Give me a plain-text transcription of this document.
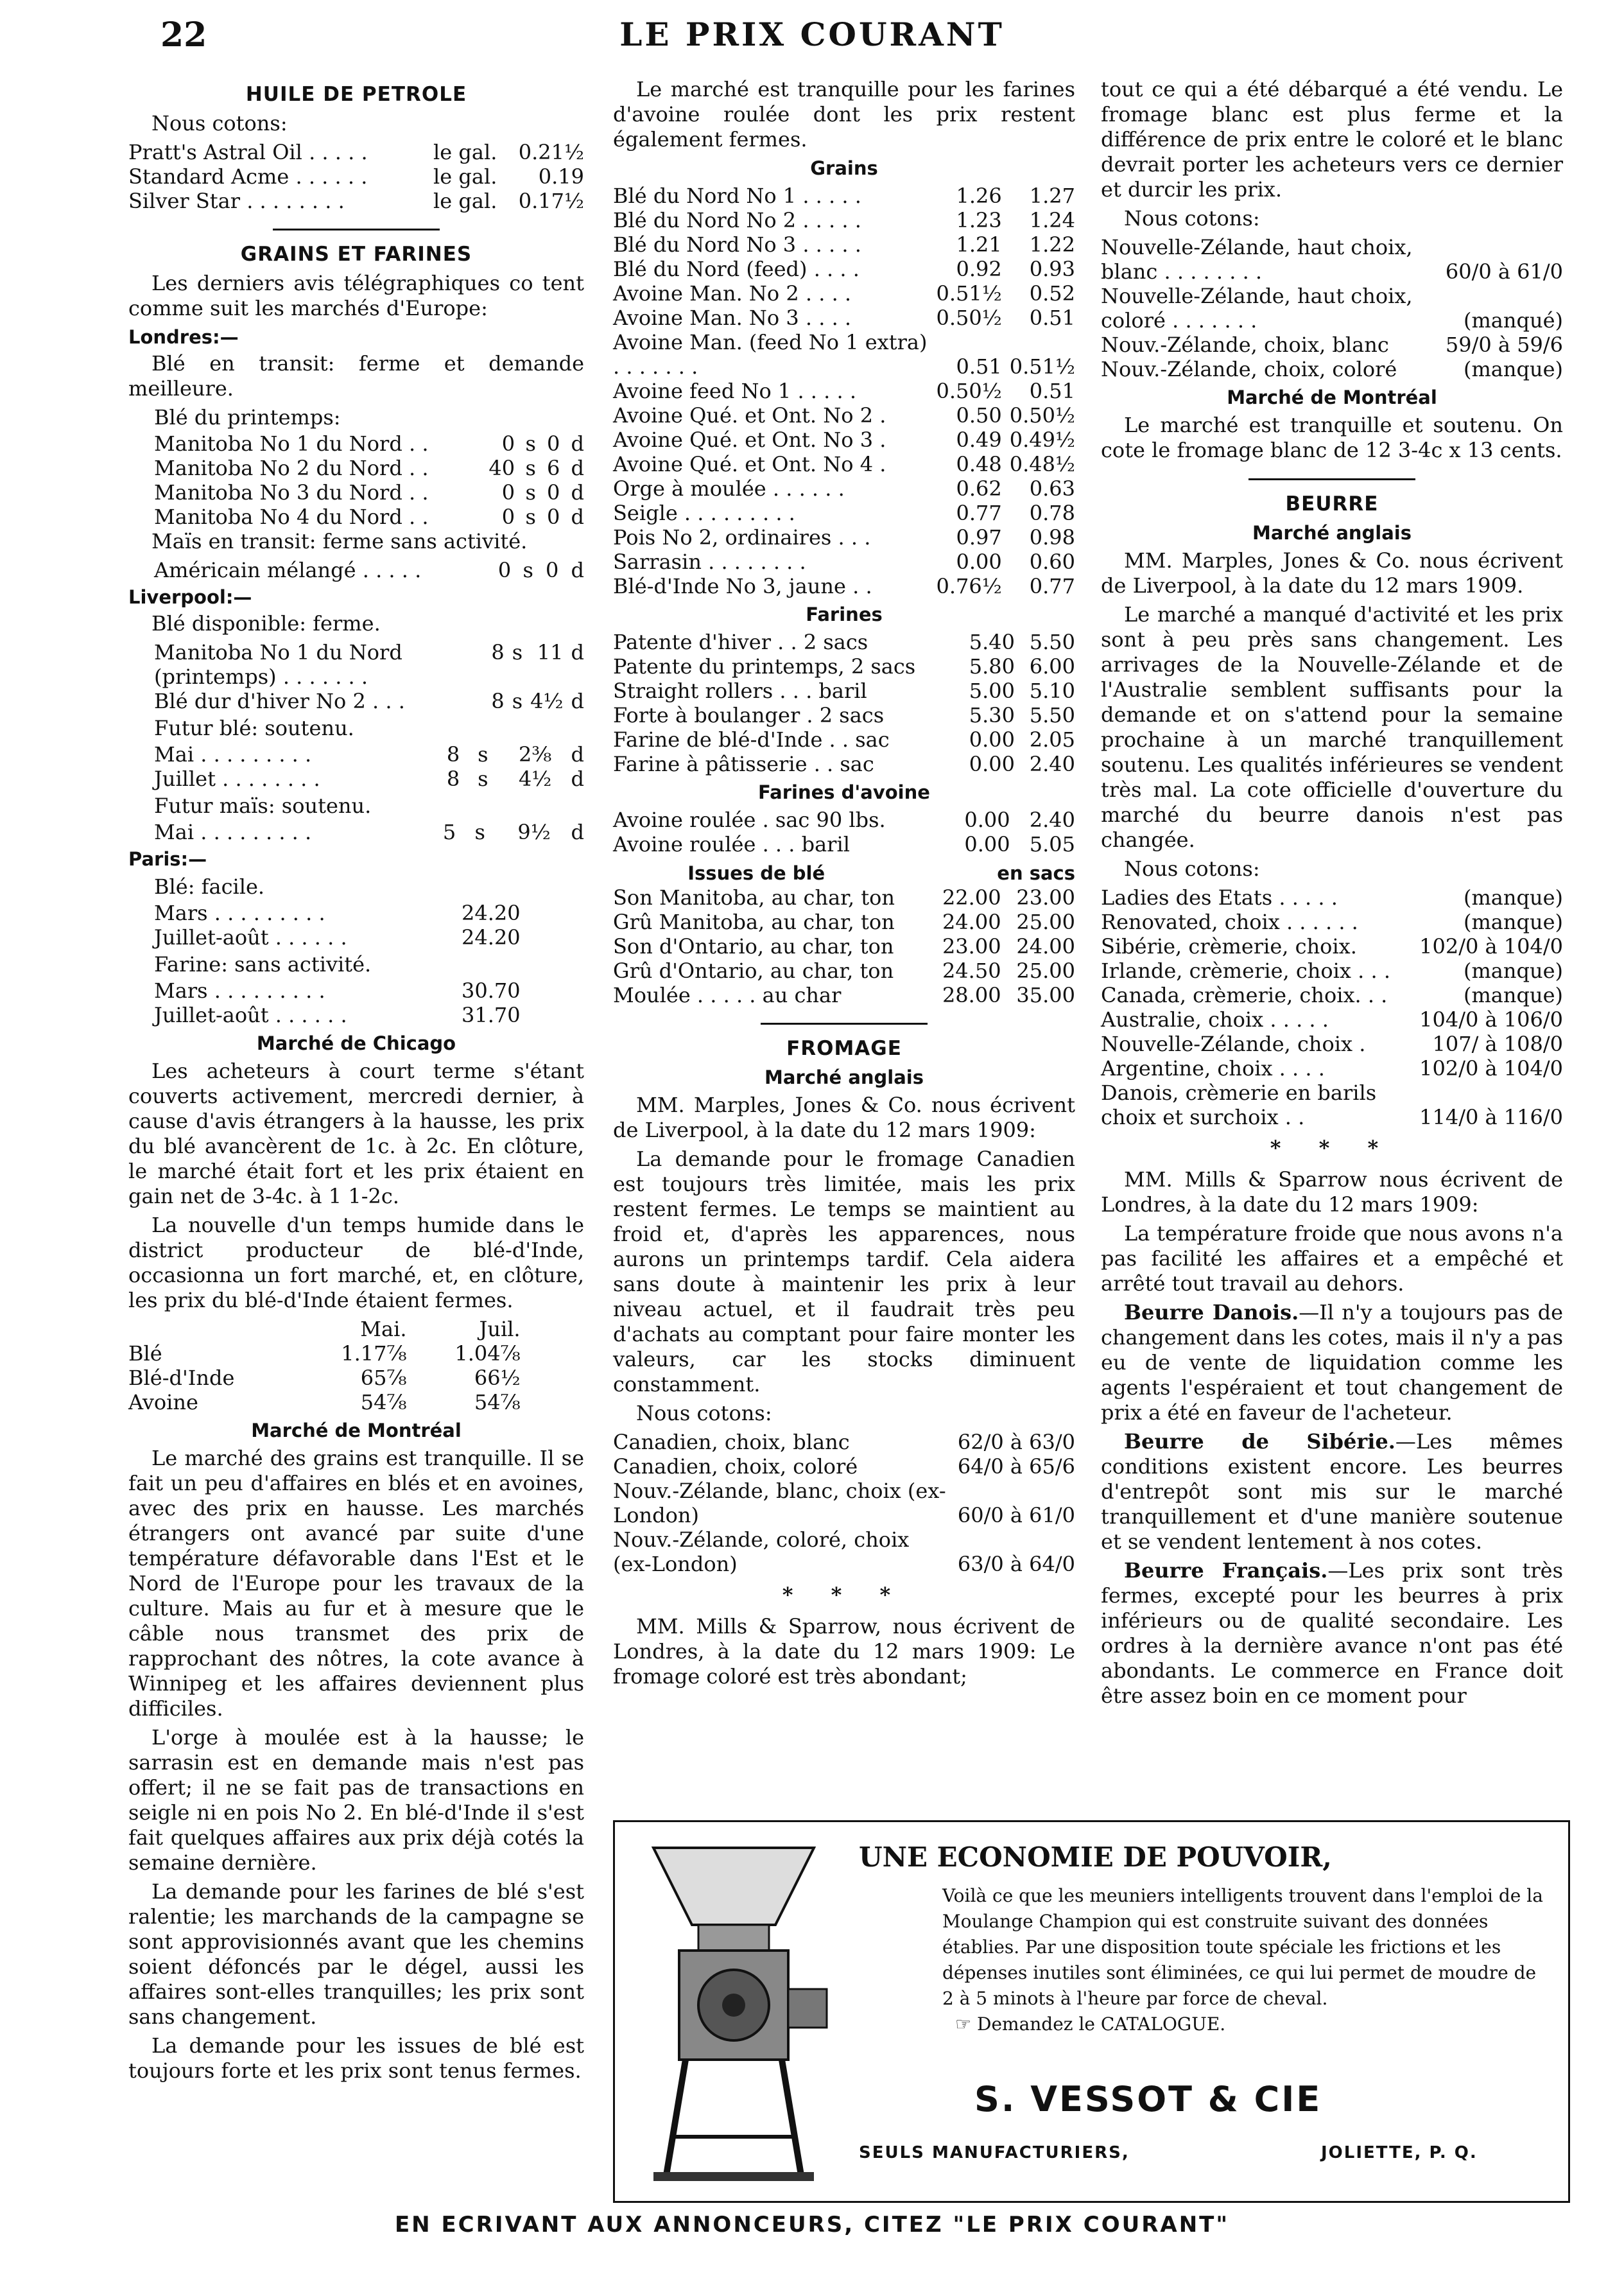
22	LE PRIX COURANT
HUILE DE PETROLE

Nous cotons:

Pratt's Astral Oil . . . . .	le gal.	0.21½
Standard Acme . . . . . .	le gal.	0.19
Silver Star . . . . . . . .	le gal.	0.17½
GRAINS ET FARINES

Les derniers avis télégraphiques co tent comme suit les marchés d'Europe:

Londres:—

Blé en transit: ferme et demande meilleure.

Blé du printemps:
Manitoba No 1 du Nord . .	0	s	0	d
Manitoba No 2 du Nord . .	40	s	6	d
Manitoba No 3 du Nord . .	0	s	0	d
Manitoba No 4 du Nord . .	0	s	0	d

Maïs en transit: ferme sans activité.

Américain mélangé . . . . .	0	s	0	d
Liverpool:—

Blé disponible: ferme.

Manitoba No 1 du Nord (printemps) . . . . . . .	8	s	11	d
Blé dur d'hiver No 2 . . .	8	s	4½	d
Futur blé: soutenu.
Mai . . . . . . . . .	8	s	2⅜	d
Juillet . . . . . . . .	8	s	4½	d
Futur maïs: soutenu.
Mai . . . . . . . . .	5	s	9½	d
Paris:—
Blé: facile.
Mars . . . . . . . . .	24.20
Juillet-août . . . . . .	24.20
Farine: sans activité.
Mars . . . . . . . . .	30.70
Juillet-août . . . . . .	31.70
Marché de Chicago

Les acheteurs à court terme s'étant couverts activement, mercredi dernier, à cause d'avis étrangers à la hausse, les prix du blé avancèrent de 1c. à 2c. En clôture, le marché était fort et les prix étaient en gain net de 3-4c. à 1 1-2c.

La nouvelle d'un temps humide dans le district producteur de blé-d'Inde, occasionna un fort marché, et, en clôture, les prix du blé-d'Inde étaient fermes.

	Mai.	Juil.
Blé	1.17⅞	1.04⅞
Blé-d'Inde	65⅞	66½
Avoine	54⅞	54⅞
Marché de Montréal

Le marché des grains est tranquille. Il se fait un peu d'affaires en blés et en avoines, avec des prix en hausse. Les marchés étrangers ont avancé par suite d'une température défavorable dans l'Est et le Nord de l'Europe pour les travaux de la culture. Mais au fur et à mesure que le câble nous transmet des prix de rapprochant des nôtres, la cote avance à Winnipeg et les affaires deviennent plus difficiles.

L'orge à moulée est à la hausse; le sarrasin est en demande mais n'est pas offert; il ne se fait pas de transactions en seigle ni en pois No 2. En blé-d'Inde il s'est fait quelques affaires aux prix déjà cotés la semaine dernière.

La demande pour les farines de blé s'est ralentie; les marchands de la campagne se sont approvisionnés avant que les chemins soient défoncés par le dégel, aussi les affaires sont-elles tranquilles; les prix sont sans changement.

La demande pour les issues de blé est toujours forte et les prix sont tenus fermes.

Le marché est tranquille pour les farines d'avoine roulée dont les prix restent également fermes.

Grains
Blé du Nord No 1 . . . . .	1.26	1.27
Blé du Nord No 2 . . . . .	1.23	1.24
Blé du Nord No 3 . . . . .	1.21	1.22
Blé du Nord (feed) . . . .	0.92	0.93
Avoine Man. No 2 . . . .	0.51½	0.52
Avoine Man. No 3 . . . .	0.50½	0.51
Avoine Man. (feed No 1 extra) . . . . . . .	0.51	0.51½
Avoine feed No 1 . . . . .	0.50½	0.51
Avoine Qué. et Ont. No 2 .	0.50	0.50½
Avoine Qué. et Ont. No 3 .	0.49	0.49½
Avoine Qué. et Ont. No 4 .	0.48	0.48½
Orge à moulée . . . . . .	0.62	0.63
Seigle . . . . . . . . .	0.77	0.78
Pois No 2, ordinaires . . .	0.97	0.98
Sarrasin . . . . . . . .	0.00	0.60
Blé-d'Inde No 3, jaune . .	0.76½	0.77
Farines
Patente d'hiver . . 2 sacs	5.40	5.50
Patente du printemps, 2 sacs	5.80	6.00
Straight rollers . . . baril	5.00	5.10
Forte à boulanger . 2 sacs	5.30	5.50
Farine de blé-d'Inde . . sac	0.00	2.05
Farine à pâtisserie . . sac	0.00	2.40
Farines d'avoine
Avoine roulée . sac 90 lbs.	0.00	2.40
Avoine roulée . . . baril	0.00	5.05
Issues de blé	en sacs
Son Manitoba, au char, ton	22.00	23.00
Grû Manitoba, au char, ton	24.00	25.00
Son d'Ontario, au char, ton	23.00	24.00
Grû d'Ontario, au char, ton	24.50	25.00
Moulée . . . . . au char	28.00	35.00
FROMAGE
Marché anglais

MM. Marples, Jones & Co. nous écrivent de Liverpool, à la date du 12 mars 1909:

La demande pour le fromage Canadien est toujours très limitée, mais les prix restent fermes. Le temps se maintient au froid et, d'après les apparences, nous aurons un printemps tardif. Cela aidera sans doute à maintenir les prix à leur niveau actuel, et il faudrait très peu d'achats au comptant pour faire monter les valeurs, car les stocks diminuent constamment.

Nous cotons:

Canadien, choix, blanc	62/0 à 63/0
Canadien, choix, coloré	64/0 à 65/6
Nouv.-Zélande, blanc, choix (ex-London)	60/0 à 61/0
Nouv.-Zélande, coloré, choix (ex-London)	63/0 à 64/0
* * *

MM. Mills & Sparrow, nous écrivent de Londres, à la date du 12 mars 1909: Le fromage coloré est très abondant;

tout ce qui a été débarqué a été vendu. Le fromage blanc est plus ferme et la différence de prix entre le coloré et le blanc devrait porter les acheteurs vers ce dernier et durcir les prix.

Nous cotons:

Nouvelle-Zélande, haut choix, blanc . . . . . . . .	60/0 à 61/0
Nouvelle-Zélande, haut choix, coloré . . . . . . .	(manqué)
Nouv.-Zélande, choix, blanc	59/0 à 59/6
Nouv.-Zélande, choix, coloré	(manque)
Marché de Montréal

Le marché est tranquille et soutenu. On cote le fromage blanc de 12 3-4c x 13 cents.

BEURRE
Marché anglais

MM. Marples, Jones & Co. nous écrivent de Liverpool, à la date du 12 mars 1909.

Le marché a manqué d'activité et les prix sont à peu près sans changement. Les arrivages de la Nouvelle-Zélande et de l'Australie semblent suffisants pour la demande et on s'attend pour la semaine prochaine à un marché tranquillement soutenu. Les qualités inférieures se vendent très mal. La cote officielle d'ouverture du marché du beurre danois n'est pas changée.

Nous cotons:

Ladies des Etats . . . . .	(manque)
Renovated, choix . . . . . .	(manque)
Sibérie, crèmerie, choix.	102/0 à 104/0
Irlande, crèmerie, choix . . .	(manque)
Canada, crèmerie, choix. . .	(manque)
Australie, choix . . . . .	104/0 à 106/0
Nouvelle-Zélande, choix .	107/ à 108/0
Argentine, choix . . . .	102/0 à 104/0
Danois, crèmerie en barils choix et surchoix . .	114/0 à 116/0
* * *

MM. Mills & Sparrow nous écrivent de Londres, à la date du 12 mars 1909:

La température froide que nous avons n'a pas facilité les affaires et a empêché et arrêté tout travail au dehors.

Beurre Danois.—Il n'y a toujours pas de changement dans les cotes, mais il n'y a pas eu de vente de liquidation comme les agents l'espéraient et tout changement de prix a été en faveur de l'acheteur.

Beurre de Sibérie.—Les mêmes conditions existent encore. Les beurres d'entrepôt sont mis sur le marché tranquillement et d'une manière soutenue et se vendent lentement à nos cotes.

Beurre Français.—Les prix sont très fermes, excepté pour les beurres à prix inférieurs ou de qualité secondaire. Les ordres à la dernière avance n'ont pas été abondants. Le commerce en France doit être assez boin en ce moment pour

UNE ECONOMIE DE POUVOIR,
Voilà ce que les meuniers intelligents trouvent dans l'emploi de la Moulange Champion qui est construite suivant des données établies. Par une disposition toute spéciale les frictions et les dépenses inutiles sont éliminées, ce qui lui permet de moudre de 2 à 5 minots à l'heure par force de cheval.
☞ Demandez le CATALOGUE.
S. VESSOT & CIE
SEULS MANUFACTURIERS,	JOLIETTE, P. Q.
EN ECRIVANT AUX ANNONCEURS, CITEZ "LE PRIX COURANT"
